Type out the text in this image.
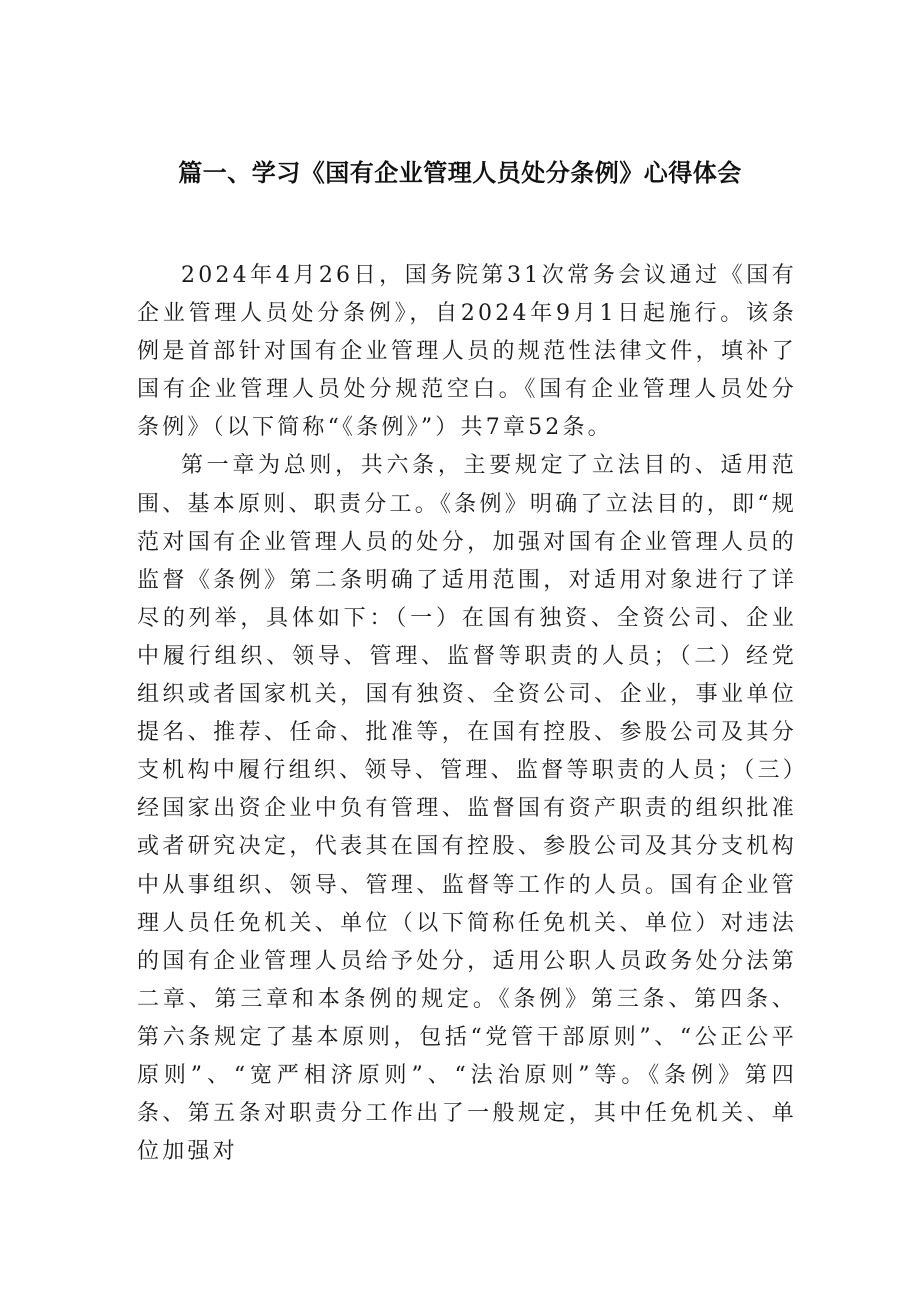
篇一、学习《国有企业管理人员处分条例》心得体会

2024年4月26日，国务院第31次常务会议通过《国有企业管理人员处分条例》，自2024年9月1日起施行。该条例是首部针对国有企业管理人员的规范性法律文件，填补了国有企业管理人员处分规范空白。《国有企业管理人员处分条例》（以下简称“《条例》”）共7章52条。

第一章为总则，共六条，主要规定了立法目的、适用范围、基本原则、职责分工。《条例》明确了立法目的，即“规范对国有企业管理人员的处分，加强对国有企业管理人员的监督《条例》第二条明确了适用范围，对适用对象进行了详尽的列举，具体如下：（一）在国有独资、全资公司、企业中履行组织、领导、管理、监督等职责的人员；（二）经党组织或者国家机关，国有独资、全资公司、企业，事业单位提名、推荐、任命、批准等，在国有控股、参股公司及其分支机构中履行组织、领导、管理、监督等职责的人员；（三）经国家出资企业中负有管理、监督国有资产职责的组织批准或者研究决定，代表其在国有控股、参股公司及其分支机构中从事组织、领导、管理、监督等工作的人员。国有企业管理人员任免机关、单位（以下简称任免机关、单位）对违法的国有企业管理人员给予处分，适用公职人员政务处分法第二章、第三章和本条例的规定。《条例》第三条、第四条、第六条规定了基本原则，包括“党管干部原则”、“公正公平原则”、“宽严相济原则”、“法治原则”等。《条例》第四条、第五条对职责分工作出了一般规定，其中任免机关、单位加强对
